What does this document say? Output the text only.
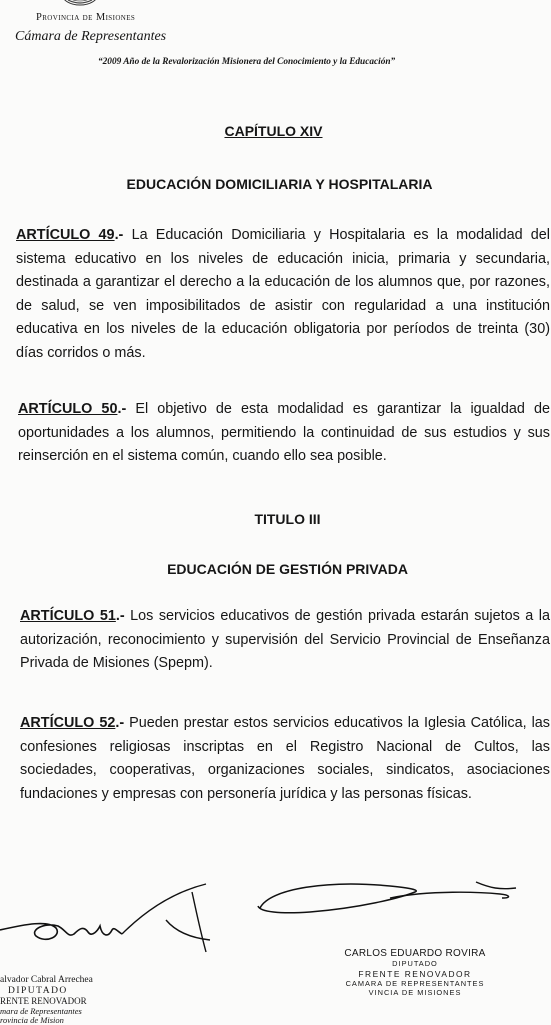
Provincia de Misiones
Cámara de Representantes
“2009 Año de la Revalorización Misionera del Conocimiento y la Educación”
CAPÍTULO XIV
EDUCACIÓN DOMICILIARIA Y HOSPITALARIA
ARTÍCULO 49.- La Educación Domiciliaria y Hospitalaria es la modalidad del sistema educativo en los niveles de educación inicia, primaria y secundaria, destinada a garantizar el derecho a la educación de los alumnos que, por razones, de salud, se ven imposibilitados de asistir con regularidad a una institución educativa en los niveles de la educación obligatoria por períodos de treinta (30) días corridos o más.
ARTÍCULO 50.- El objetivo de esta modalidad es garantizar la igualdad de oportunidades a los alumnos, permitiendo la continuidad de sus estudios y sus reinserción en el sistema común, cuando ello sea posible.
TITULO III
EDUCACIÓN DE GESTIÓN PRIVADA
ARTÍCULO 51.- Los servicios educativos de gestión privada estarán sujetos a la autorización, reconocimiento y supervisión del Servicio Provincial de Enseñanza Privada de Misiones (Spepm).
ARTÍCULO 52.- Pueden prestar estos servicios educativos la Iglesia Católica, las confesiones religiosas inscriptas en el Registro Nacional de Cultos, las sociedades, cooperativas, organizaciones sociales, sindicatos, asociaciones fundaciones y empresas con personería jurídica y las personas físicas.
alvador Cabral Arrechea
DIPUTADO
RENTE RENOVADOR
mara de Representantes
rovincia de Mision
CARLOS EDUARDO ROVIRA
DIPUTADO
FRENTE RENOVADOR
CAMARA DE REPRESENTANTES
VINCIA DE MISIONES
